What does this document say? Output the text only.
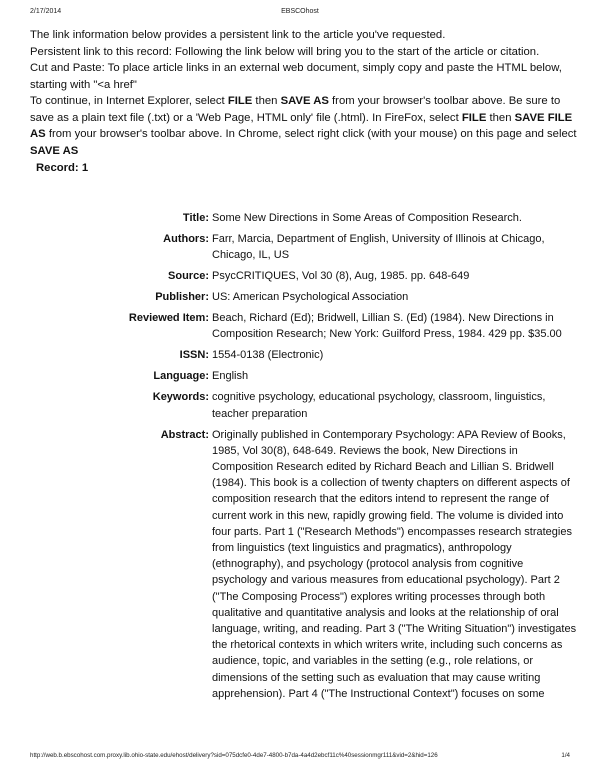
2/17/2014	EBSCOhost

The link information below provides a persistent link to the article you've requested.

Persistent link to this record: Following the link below will bring you to the start of the article or citation.

Cut and Paste: To place article links in an external web document, simply copy and paste the HTML below, starting with "<a href"

To continue, in Internet Explorer, select FILE then SAVE AS from your browser's toolbar above. Be sure to save as a plain text file (.txt) or a 'Web Page, HTML only' file (.html). In FireFox, select FILE then SAVE FILE AS from your browser's toolbar above. In Chrome, select right click (with your mouse) on this page and select SAVE AS

Record: 1
Title: Some New Directions in Some Areas of Composition Research.
Authors: Farr, Marcia, Department of English, University of Illinois at Chicago, Chicago, IL, US
Source: PsycCRITIQUES, Vol 30 (8), Aug, 1985. pp. 648-649
Publisher: US: American Psychological Association
Reviewed Item: Beach, Richard (Ed); Bridwell, Lillian S. (Ed) (1984). New Directions in Composition Research; New York: Guilford Press, 1984. 429 pp. $35.00
ISSN: 1554-0138 (Electronic)
Language: English
Keywords: cognitive psychology, educational psychology, classroom, linguistics, teacher preparation
Abstract: Originally published in Contemporary Psychology: APA Review of Books, 1985, Vol 30(8), 648-649. Reviews the book, New Directions in Composition Research edited by Richard Beach and Lillian S. Bridwell (1984). This book is a collection of twenty chapters on different aspects of composition research that the editors intend to represent the range of current work in this new, rapidly growing field. The volume is divided into four parts. Part 1 ("Research Methods") encompasses research strategies from linguistics (text linguistics and pragmatics), anthropology (ethnography), and psychology (protocol analysis from cognitive psychology and various measures from educational psychology). Part 2 ("The Composing Process") explores writing processes through both qualitative and quantitative analysis and looks at the relationship of oral language, writing, and reading. Part 3 ("The Writing Situation") investigates the rhetorical contexts in which writers write, including such concerns as audience, topic, and variables in the setting (e.g., role relations, or dimensions of the setting such as evaluation that may cause writing apprehension). Part 4 ("The Instructional Context") focuses on some
http://web.b.ebscohost.com.proxy.lib.ohio-state.edu/ehost/delivery?sid=075dcfe0-4de7-4800-b7da-4a4d2ebcf11c%40sessionmgr111&vid=2&hid=126	1/4
